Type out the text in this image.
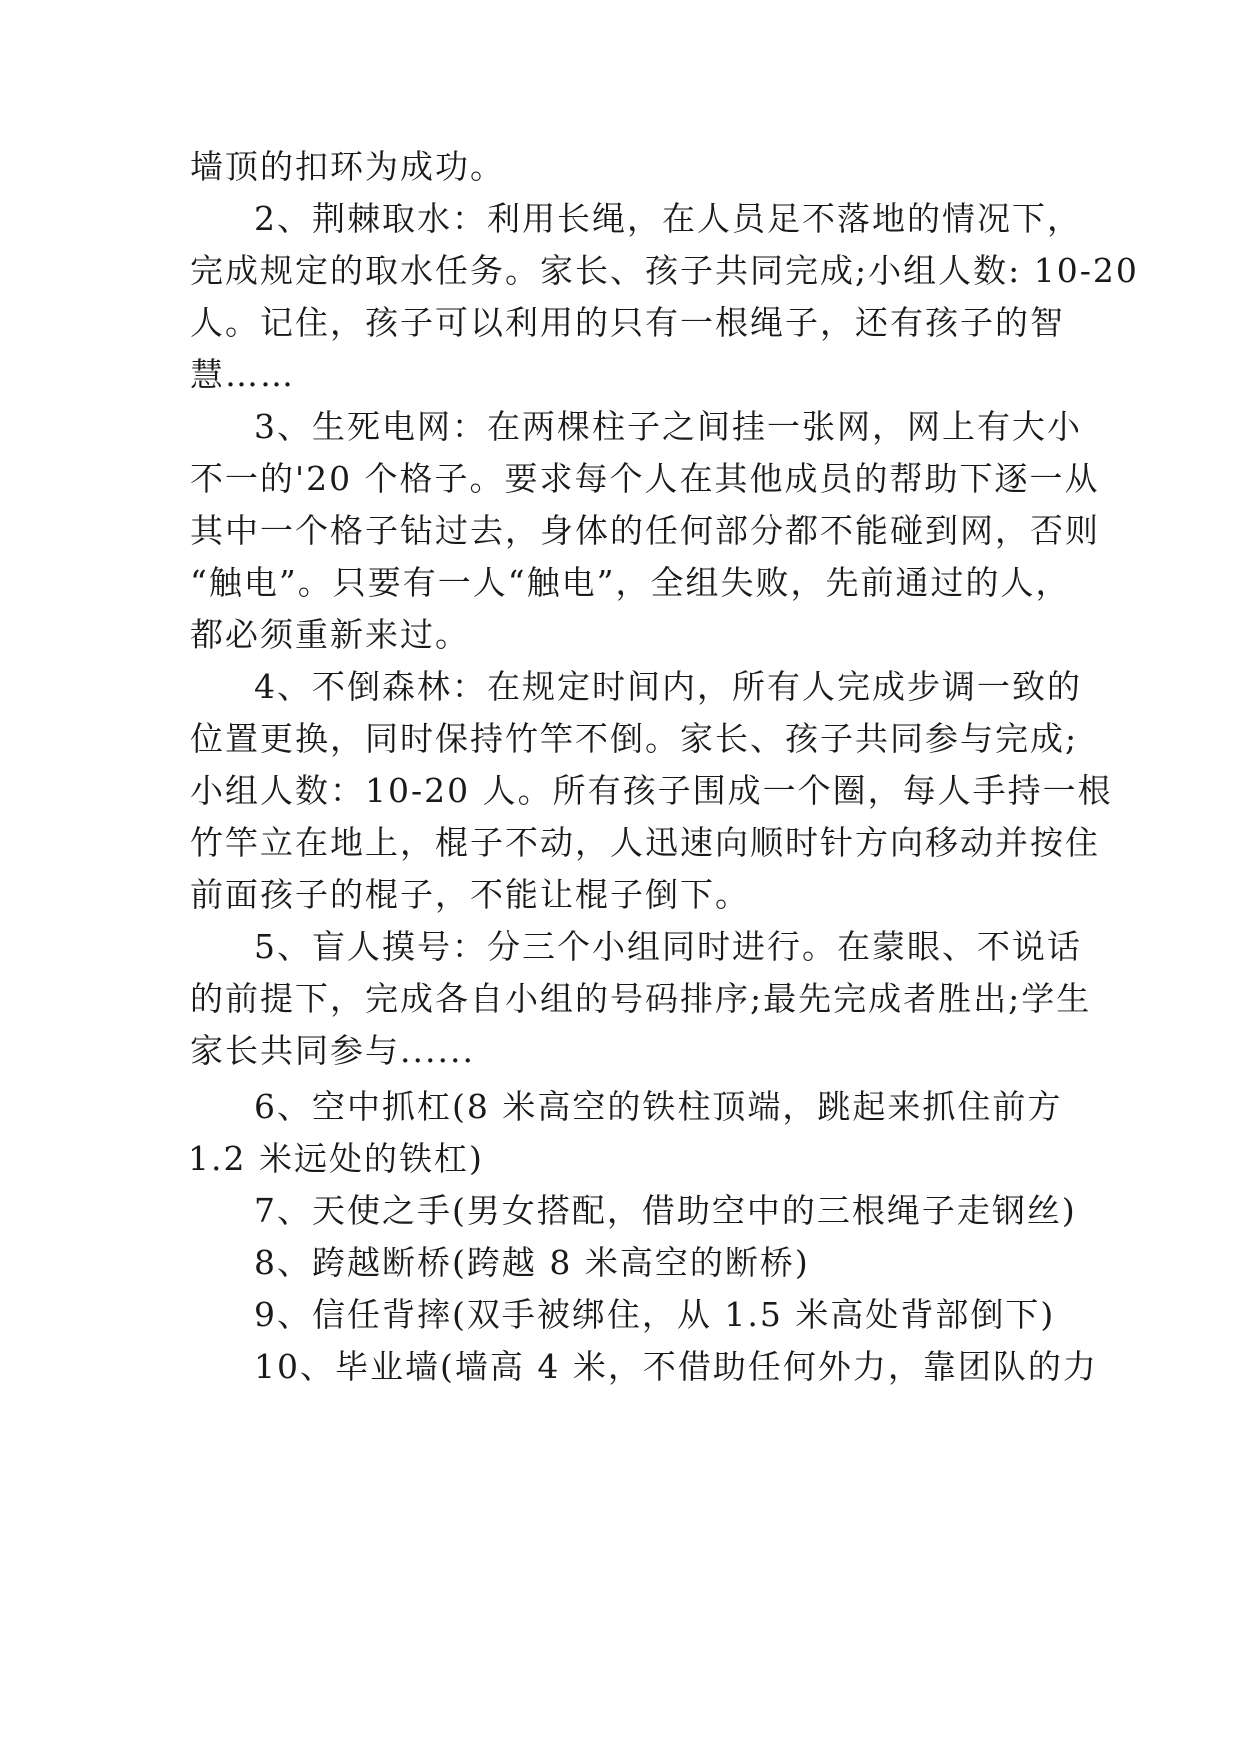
墙顶的扣环为成功。
2、荆棘取水：利用长绳，在人员足不落地的情况下，
完成规定的取水任务。家长、孩子共同完成;小组人数: 10-20
人。记住，孩子可以利用的只有一根绳子，还有孩子的智
慧……
3、生死电网：在两棵柱子之间挂一张网，网上有大小
不一的'20 个格子。要求每个人在其他成员的帮助下逐一从
其中一个格子钻过去，身体的任何部分都不能碰到网，否则
“触电”。只要有一人“触电”，全组失败，先前通过的人，
都必须重新来过。
4、不倒森林：在规定时间内，所有人完成步调一致的
位置更换，同时保持竹竿不倒。家长、孩子共同参与完成;
小组人数：10-20 人。所有孩子围成一个圈，每人手持一根
竹竿立在地上，棍子不动，人迅速向顺时针方向移动并按住
前面孩子的棍子，不能让棍子倒下。
5、盲人摸号：分三个小组同时进行。在蒙眼、不说话
的前提下，完成各自小组的号码排序;最先完成者胜出;学生
家长共同参与......
6、空中抓杠(8 米高空的铁柱顶端，跳起来抓住前方
1.2 米远处的铁杠)
7、天使之手(男女搭配，借助空中的三根绳子走钢丝)
8、跨越断桥(跨越 8 米高空的断桥)
9、信任背摔(双手被绑住，从 1.5 米高处背部倒下)
10、毕业墙(墙高 4 米，不借助任何外力，靠团队的力
